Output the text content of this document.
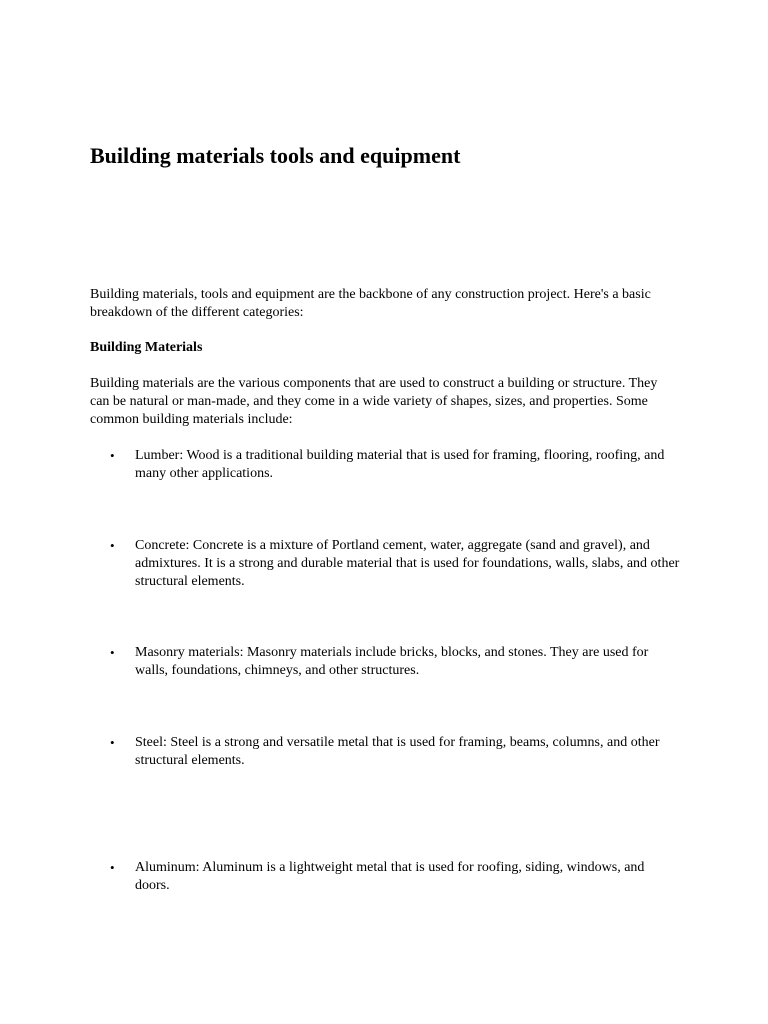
Building materials tools and equipment

Building materials, tools and equipment are the backbone of any construction project. Here's a basic breakdown of the different categories:

Building Materials

Building materials are the various components that are used to construct a building or structure. They can be natural or man-made, and they come in a wide variety of shapes, sizes, and properties. Some common building materials include:

•	Lumber: Wood is a traditional building material that is used for framing, flooring, roofing, and many other applications.
•	Concrete: Concrete is a mixture of Portland cement, water, aggregate (sand and gravel), and admixtures. It is a strong and durable material that is used for foundations, walls, slabs, and other structural elements.
•	Masonry materials: Masonry materials include bricks, blocks, and stones. They are used for walls, foundations, chimneys, and other structures.
•	Steel: Steel is a strong and versatile metal that is used for framing, beams, columns, and other structural elements.
•	Aluminum: Aluminum is a lightweight metal that is used for roofing, siding, windows, and doors.
